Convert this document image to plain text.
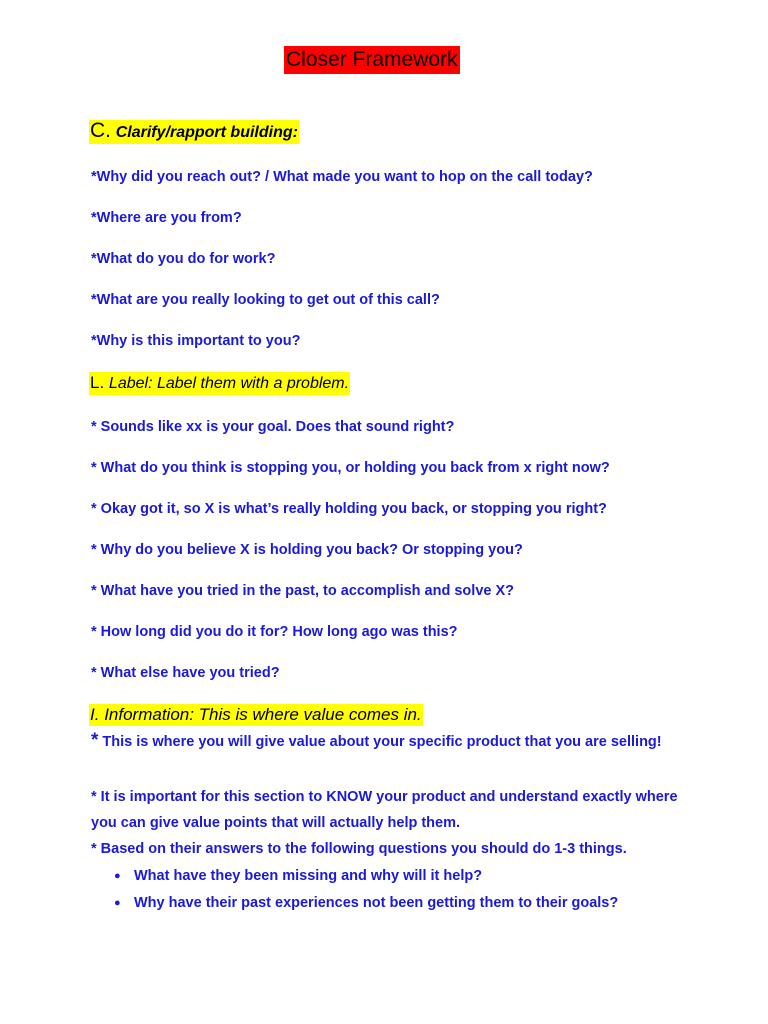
Closer Framework
C. Clarify/rapport building:
*Why did you reach out? / What made you want to hop on the call today?
*Where are you from?
*What do you do for work?
*What are you really looking to get out of this call?
*Why is this important to you?
L. Label: Label them with a problem.
* Sounds like xx is your goal. Does that sound right?
* What do you think is stopping you, or holding you back from x right now?
* Okay got it, so X is what’s really holding you back, or stopping you right?
* Why do you believe X is holding you back? Or stopping you?
* What have you tried in the past, to accomplish and solve X?
* How long did you do it for? How long ago was this?
* What else have you tried?
I. Information: This is where value comes in.
* This is where you will give value about your specific product that you are selling!
* It is important for this section to KNOW your product and understand exactly where you can give value points that will actually help them.
* Based on their answers to the following questions you should do 1-3 things.
● What have they been missing and why will it help?
● Why have their past experiences not been getting them to their goals?
